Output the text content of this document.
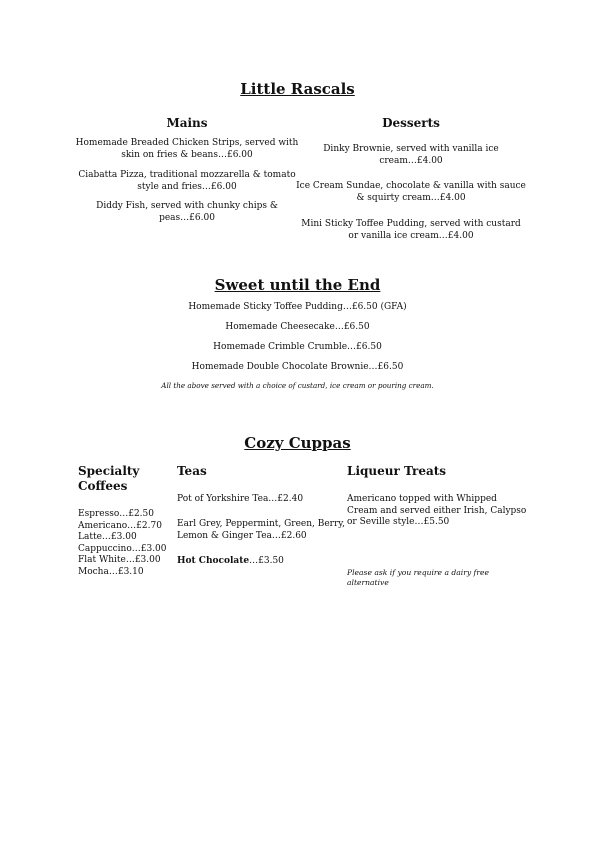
Little Rascals
Mains	Desserts
Homemade Breaded Chicken Strips, served with
skin on fries & beans…£6.00
Ciabatta Pizza, traditional mozzarella & tomato
style and fries…£6.00
Diddy Fish, served with chunky chips &
peas…£6.00
Dinky Brownie, served with vanilla ice
cream…£4.00
Ice Cream Sundae, chocolate & vanilla with sauce
& squirty cream…£4.00
Mini Sticky Toffee Pudding, served with custard
or vanilla ice cream…£4.00
Sweet until the End
Homemade Sticky Toffee Pudding…£6.50 (GFA)
Homemade Cheesecake…£6.50
Homemade Crimble Crumble…£6.50
Homemade Double Chocolate Brownie…£6.50
All the above served with a choice of custard, ice cream or pouring cream.
Cozy Cuppas
Specialty
Coffees
Teas	Liqueur Treats
Espresso…£2.50
Americano…£2.70
Latte…£3.00
Cappuccino…£3.00
Flat White…£3.00
Mocha…£3.10
Pot of Yorkshire Tea…£2.40
Earl Grey, Peppermint, Green, Berry,
Lemon & Ginger Tea…£2.60
Hot Chocolate…£3.50
Americano topped with Whipped
Cream and served either Irish, Calypso
or Seville style…£5.50
Please ask if you require a dairy free
alternative
